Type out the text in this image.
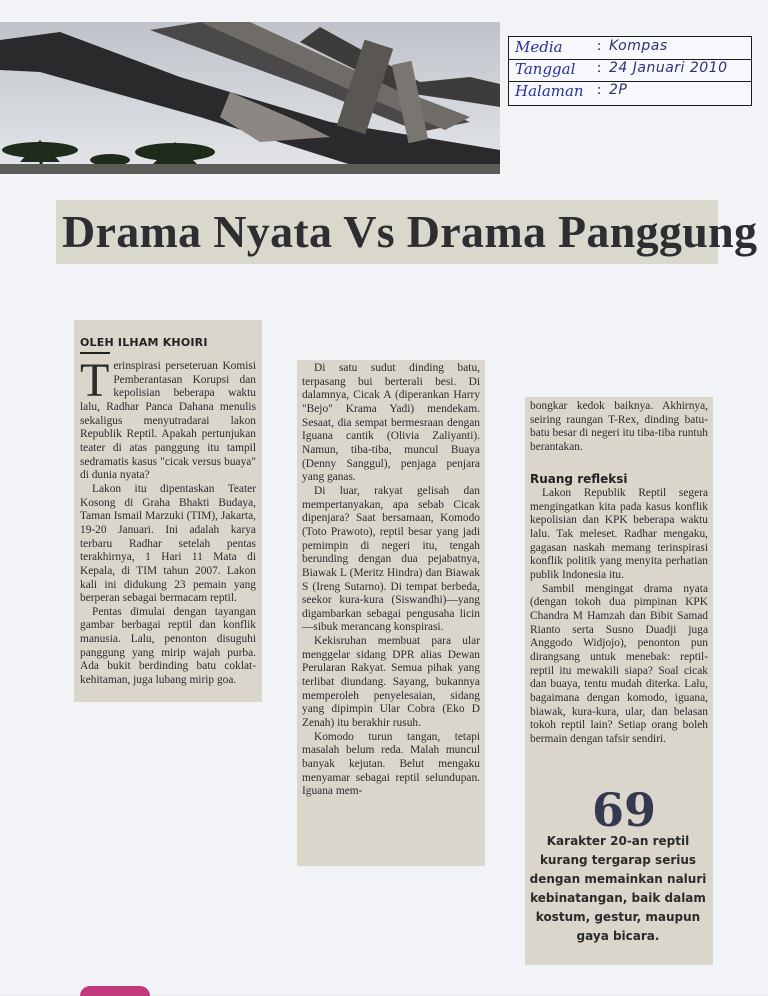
Media : Kompas
Tanggal : 24 Januari 2010
Halaman : 2P
Drama Nyata Vs Drama Panggung
OLEH ILHAM KHOIRI

Terinspirasi perseteruan Komisi Pemberantasan Korupsi dan kepolisian beberapa waktu lalu, Radhar Panca Dahana menulis sekaligus menyutradarai lakon Republik Reptil. Apakah pertunjukan teater di atas panggung itu tampil sedramatis kasus "cicak versus buaya" di dunia nyata?

Lakon itu dipentaskan Teater Kosong di Graha Bhakti Budaya, Taman Ismail Marzuki (TIM), Jakarta, 19-20 Januari. Ini adalah karya terbaru Radhar setelah pentas terakhirnya, 1 Hari 11 Mata di Kepala, di TIM tahun 2007. Lakon kali ini didukung 23 pemain yang berperan sebagai bermacam reptil.

Pentas dimulai dengan tayangan gambar berbagai reptil dan konflik manusia. Lalu, penonton disuguhi panggung yang mirip wajah purba. Ada bukit berdinding batu coklat-kehitaman, juga lubang mirip goa.

Di satu sudut dinding batu, terpasang bui berterali besi. Di dalamnya, Cicak A (diperankan Harry "Bejo" Krama Yadi) mendekam. Sesaat, dia sempat bermesraan dengan Iguana cantik (Olivia Zaliyanti). Namun, tiba-tiba, muncul Buaya (Denny Sanggul), penjaga penjara yang ganas.

Di luar, rakyat gelisah dan mempertanyakan, apa sebab Cicak dipenjara? Saat bersamaan, Komodo (Toto Prawoto), reptil besar yang jadi pemimpin di negeri itu, tengah berunding dengan dua pejabatnya, Biawak L (Meritz Hindra) dan Biawak S (Ireng Sutarno). Di tempat berbeda, seekor kura-kura (Siswandhi)—yang digambarkan sebagai pengusaha licin—sibuk merancang konspirasi.

Kekisruhan membuat para ular menggelar sidang DPR alias Dewan Perularan Rakyat. Semua pihak yang terlibat diundang. Sayang, bukannya memperoleh penyelesaian, sidang yang dipimpin Ular Cobra (Eko D Zenah) itu berakhir rusuh.

Komodo turun tangan, tetapi masalah belum reda. Malah muncul banyak kejutan. Belut mengaku menyamar sebagai reptil selundupan. Iguana mem-

bongkar kedok baiknya. Akhirnya, seiring raungan T-Rex, dinding batu-batu besar di negeri itu tiba-tiba runtuh berantakan.

Ruang refleksi

Lakon Republik Reptil segera mengingatkan kita pada kasus konflik kepolisian dan KPK beberapa waktu lalu. Tak meleset. Radhar mengaku, gagasan naskah memang terinspirasi konflik politik yang menyita perhatian publik Indonesia itu.

Sambil mengingat drama nyata (dengan tokoh dua pimpinan KPK Chandra M Hamzah dan Bibit Samad Rianto serta Susno Duadji juga Anggodo Widjojo), penonton pun dirangsang untuk menebak: reptil-reptil itu mewakili siapa? Soal cicak dan buaya, tentu mudah diterka. Lalu, bagaimana dengan komodo, iguana, biawak, kura-kura, ular, dan belasan tokoh reptil lain? Setiap orang boleh bermain dengan tafsir sendiri.

69
Karakter 20-an reptil kurang tergarap serius dengan memainkan naluri kebinatangan, baik dalam kostum, gestur, maupun gaya bicara.
